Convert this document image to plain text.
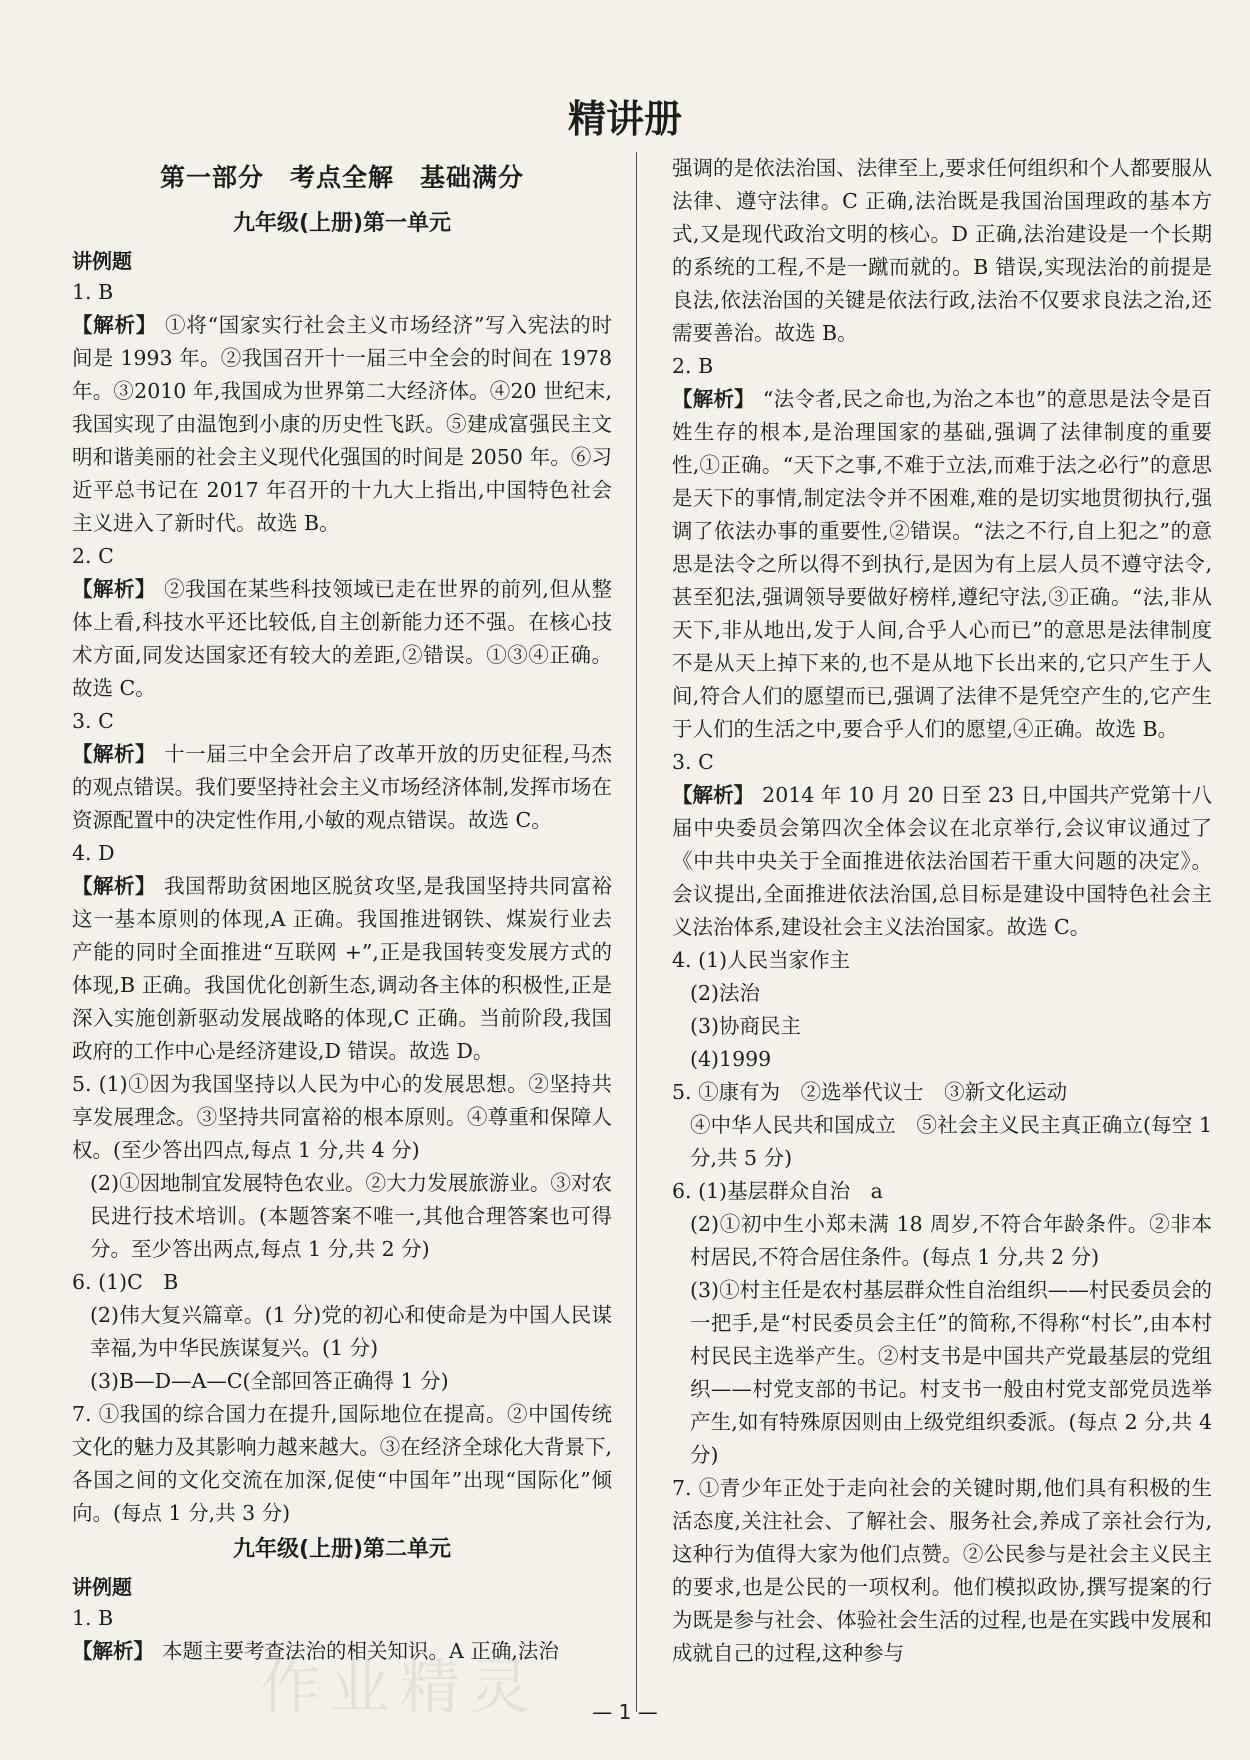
精讲册
第一部分　考点全解　基础满分
九年级(上册)第一单元
讲例题
1. B

【解析】 ①将“国家实行社会主义市场经济”写入宪法的时间是 1993 年。②我国召开十一届三中全会的时间在 1978 年。③2010 年,我国成为世界第二大经济体。④20 世纪末,我国实现了由温饱到小康的历史性飞跃。⑤建成富强民主文明和谐美丽的社会主义现代化强国的时间是 2050 年。⑥习近平总书记在 2017 年召开的十九大上指出,中国特色社会主义进入了新时代。故选 B。

2. C

【解析】 ②我国在某些科技领域已走在世界的前列,但从整体上看,科技水平还比较低,自主创新能力还不强。在核心技术方面,同发达国家还有较大的差距,②错误。①③④正确。故选 C。

3. C

【解析】 十一届三中全会开启了改革开放的历史征程,马杰的观点错误。我们要坚持社会主义市场经济体制,发挥市场在资源配置中的决定性作用,小敏的观点错误。故选 C。

4. D

【解析】 我国帮助贫困地区脱贫攻坚,是我国坚持共同富裕这一基本原则的体现,A 正确。我国推进钢铁、煤炭行业去产能的同时全面推进“互联网 +”,正是我国转变发展方式的体现,B 正确。我国优化创新生态,调动各主体的积极性,正是深入实施创新驱动发展战略的体现,C 正确。当前阶段,我国政府的工作中心是经济建设,D 错误。故选 D。

5. (1)①因为我国坚持以人民为中心的发展思想。②坚持共享发展理念。③坚持共同富裕的根本原则。④尊重和保障人权。(至少答出四点,每点 1 分,共 4 分)

(2)①因地制宜发展特色农业。②大力发展旅游业。③对农民进行技术培训。(本题答案不唯一,其他合理答案也可得分。至少答出两点,每点 1 分,共 2 分)

6. (1)C　B

(2)伟大复兴篇章。(1 分)党的初心和使命是为中国人民谋幸福,为中华民族谋复兴。(1 分)

(3)B—D—A—C(全部回答正确得 1 分)

7. ①我国的综合国力在提升,国际地位在提高。②中国传统文化的魅力及其影响力越来越大。③在经济全球化大背景下,各国之间的文化交流在加深,促使“中国年”出现“国际化”倾向。(每点 1 分,共 3 分)

九年级(上册)第二单元
讲例题
1. B

【解析】 本题主要考查法治的相关知识。A 正确,法治

强调的是依法治国、法律至上,要求任何组织和个人都要服从法律、遵守法律。C 正确,法治既是我国治国理政的基本方式,又是现代政治文明的核心。D 正确,法治建设是一个长期的系统的工程,不是一蹴而就的。B 错误,实现法治的前提是良法,依法治国的关键是依法行政,法治不仅要求良法之治,还需要善治。故选 B。

2. B

【解析】 “法令者,民之命也,为治之本也”的意思是法令是百姓生存的根本,是治理国家的基础,强调了法律制度的重要性,①正确。“天下之事,不难于立法,而难于法之必行”的意思是天下的事情,制定法令并不困难,难的是切实地贯彻执行,强调了依法办事的重要性,②错误。“法之不行,自上犯之”的意思是法令之所以得不到执行,是因为有上层人员不遵守法令,甚至犯法,强调领导要做好榜样,遵纪守法,③正确。“法,非从天下,非从地出,发于人间,合乎人心而已”的意思是法律制度不是从天上掉下来的,也不是从地下长出来的,它只产生于人间,符合人们的愿望而已,强调了法律不是凭空产生的,它产生于人们的生活之中,要合乎人们的愿望,④正确。故选 B。

3. C

【解析】 2014 年 10 月 20 日至 23 日,中国共产党第十八届中央委员会第四次全体会议在北京举行,会议审议通过了《中共中央关于全面推进依法治国若干重大问题的决定》。会议提出,全面推进依法治国,总目标是建设中国特色社会主义法治体系,建设社会主义法治国家。故选 C。

4. (1)人民当家作主

(2)法治

(3)协商民主

(4)1999

5. ①康有为　②选举代议士　③新文化运动

④中华人民共和国成立　⑤社会主义民主真正确立(每空 1 分,共 5 分)

6. (1)基层群众自治　a

(2)①初中生小郑未满 18 周岁,不符合年龄条件。②非本村居民,不符合居住条件。(每点 1 分,共 2 分)

(3)①村主任是农村基层群众性自治组织——村民委员会的一把手,是“村民委员会主任”的简称,不得称“村长”,由本村村民民主选举产生。②村支书是中国共产党最基层的党组织——村党支部的书记。村支书一般由村党支部党员选举产生,如有特殊原因则由上级党组织委派。(每点 2 分,共 4 分)

7. ①青少年正处于走向社会的关键时期,他们具有积极的生活态度,关注社会、了解社会、服务社会,养成了亲社会行为,这种行为值得大家为他们点赞。②公民参与是社会主义民主的要求,也是公民的一项权利。他们模拟政协,撰写提案的行为既是参与社会、体验社会生活的过程,也是在实践中发展和成就自己的过程,这种参与

作业精灵	— 1 —
